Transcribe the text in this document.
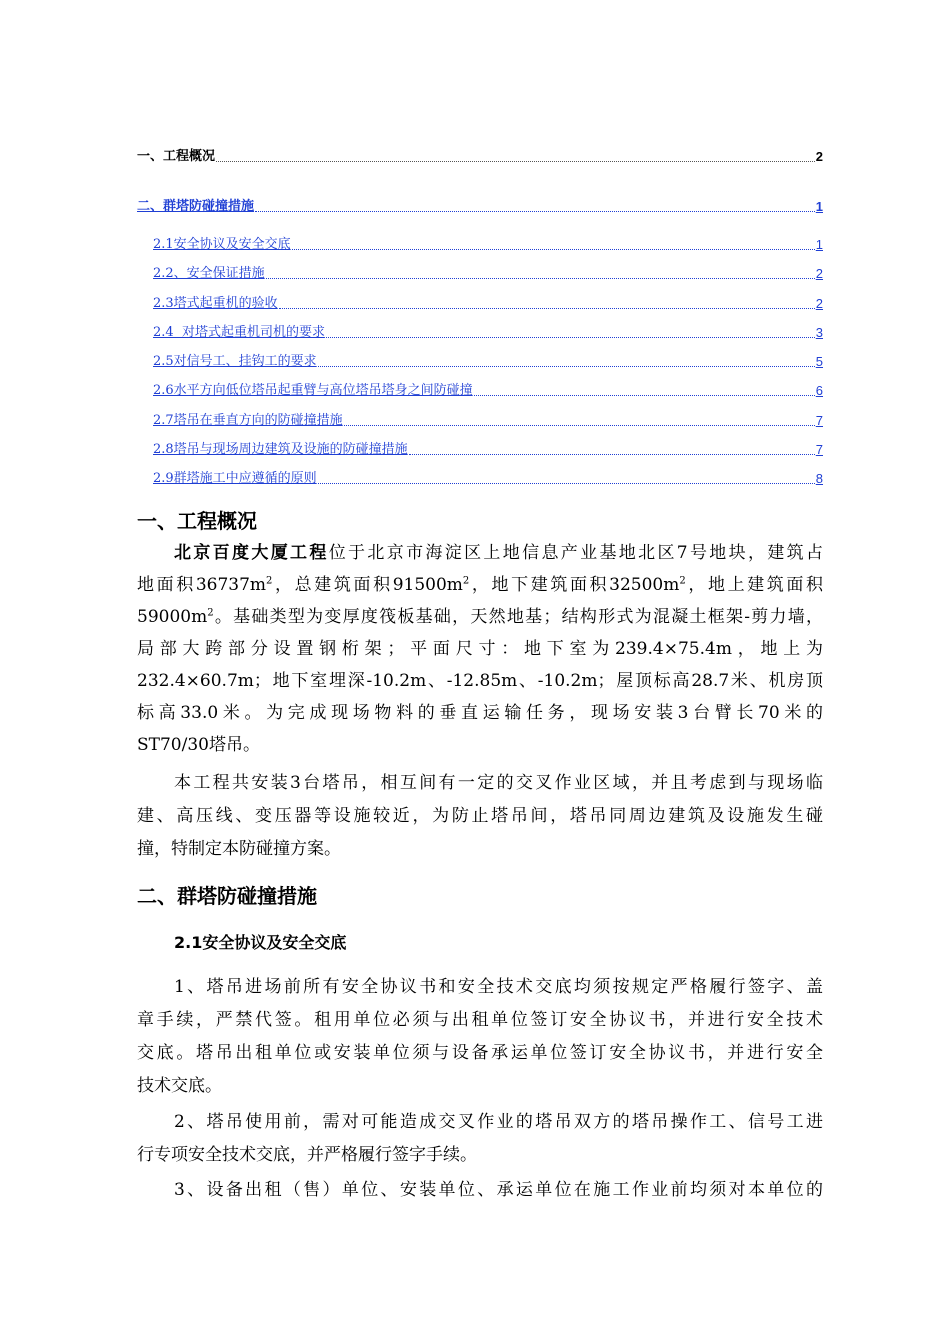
一、工程概况	2
二、群塔防碰撞措施	1
2.1安全协议及安全交底	1
2.2、安全保证措施	2
2.3塔式起重机的验收	2
2.4  对塔式起重机司机的要求	3
2.5对信号工、挂钩工的要求	5
2.6水平方向低位塔吊起重臂与高位塔吊塔身之间防碰撞	6
2.7塔吊在垂直方向的防碰撞措施	7
2.8塔吊与现场周边建筑及设施的防碰撞措施	7
2.9群塔施工中应遵循的原则	8
一、工程概况
北京百度大厦工程位于北京市海淀区上地信息产业基地北区7号地块，建筑占
地面积$36737m^2$，总建筑面积$91500m^2$，地下建筑面积$32500m^2$，地上建筑面积
$59000m^2$。基础类型为变厚度筏板基础，天然地基；结构形式为混凝土框架-剪力墙，
局部大跨部分设置钢桁架；平面尺寸：地下室为239.4×75.4m，地上为
232.4×60.7m；地下室埋深-10.2m、-12.85m、-10.2m；屋顶标高28.7米、机房顶
标高33.0米。为完成现场物料的垂直运输任务，现场安装3台臂长70米的
ST70/30塔吊。
本工程共安装3台塔吊，相互间有一定的交叉作业区域，并且考虑到与现场临
建、高压线、变压器等设施较近，为防止塔吊间，塔吊同周边建筑及设施发生碰
撞，特制定本防碰撞方案。
二、群塔防碰撞措施
2.1安全协议及安全交底
1、塔吊进场前所有安全协议书和安全技术交底均须按规定严格履行签字、盖
章手续，严禁代签。租用单位必须与出租单位签订安全协议书，并进行安全技术
交底。塔吊出租单位或安装单位须与设备承运单位签订安全协议书，并进行安全
技术交底。
2、塔吊使用前，需对可能造成交叉作业的塔吊双方的塔吊操作工、信号工进
行专项安全技术交底，并严格履行签字手续。
3、设备出租（售）单位、安装单位、承运单位在施工作业前均须对本单位的
